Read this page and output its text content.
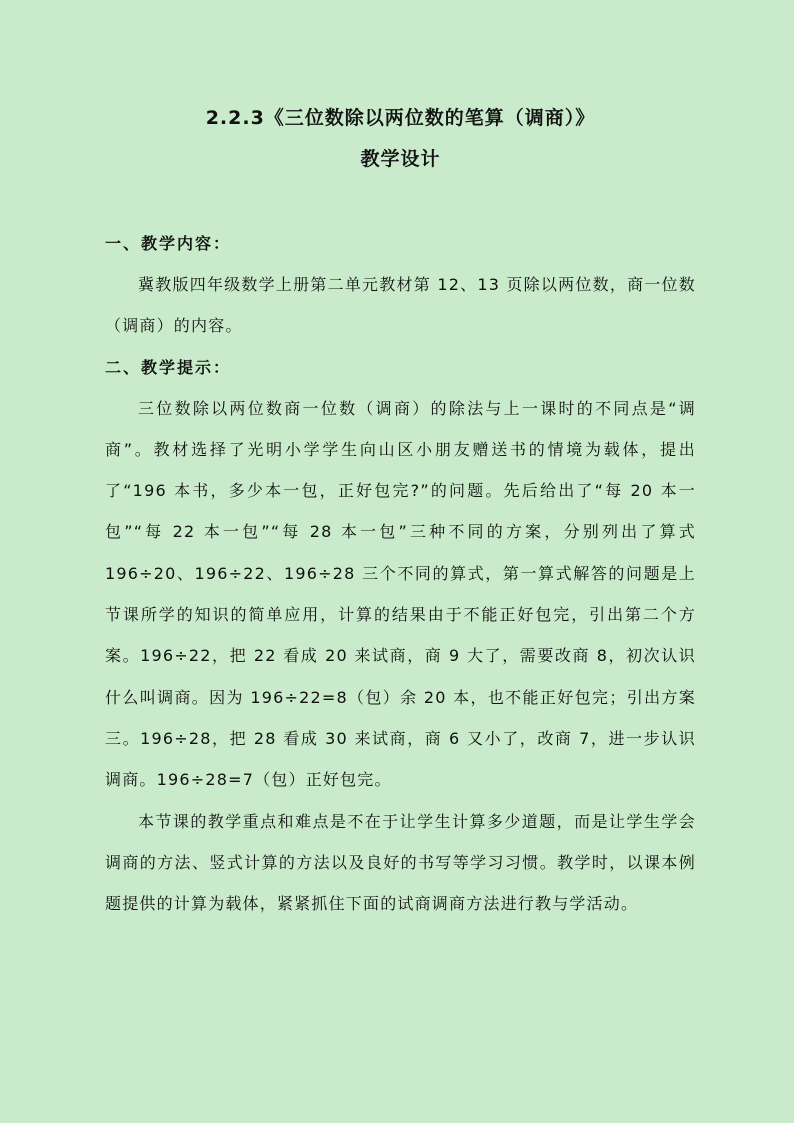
2.2.3《三位数除以两位数的笔算（调商）》
教学设计
一、教学内容：

冀教版四年级数学上册第二单元教材第 12、13 页除以两位数，商一位数（调商）的内容。

二、教学提示：

三位数除以两位数商一位数（调商）的除法与上一课时的不同点是“调商”。教材选择了光明小学学生向山区小朋友赠送书的情境为载体，提出了“196 本书，多少本一包，正好包完?”的问题。先后给出了“每 20 本一包”“每 22 本一包”“每 28 本一包”三种不同的方案，分别列出了算式 196÷20、196÷22、196÷28 三个不同的算式，第一算式解答的问题是上节课所学的知识的简单应用，计算的结果由于不能正好包完，引出第二个方案。196÷22，把 22 看成 20 来试商，商 9 大了，需要改商 8，初次认识什么叫调商。因为 196÷22=8（包）余 20 本，也不能正好包完；引出方案三。196÷28，把 28 看成 30 来试商，商 6 又小了，改商 7，进一步认识调商。196÷28=7（包）正好包完。

本节课的教学重点和难点是不在于让学生计算多少道题，而是让学生学会调商的方法、竖式计算的方法以及良好的书写等学习习惯。教学时，以课本例题提供的计算为载体，紧紧抓住下面的试商调商方法进行教与学活动。
